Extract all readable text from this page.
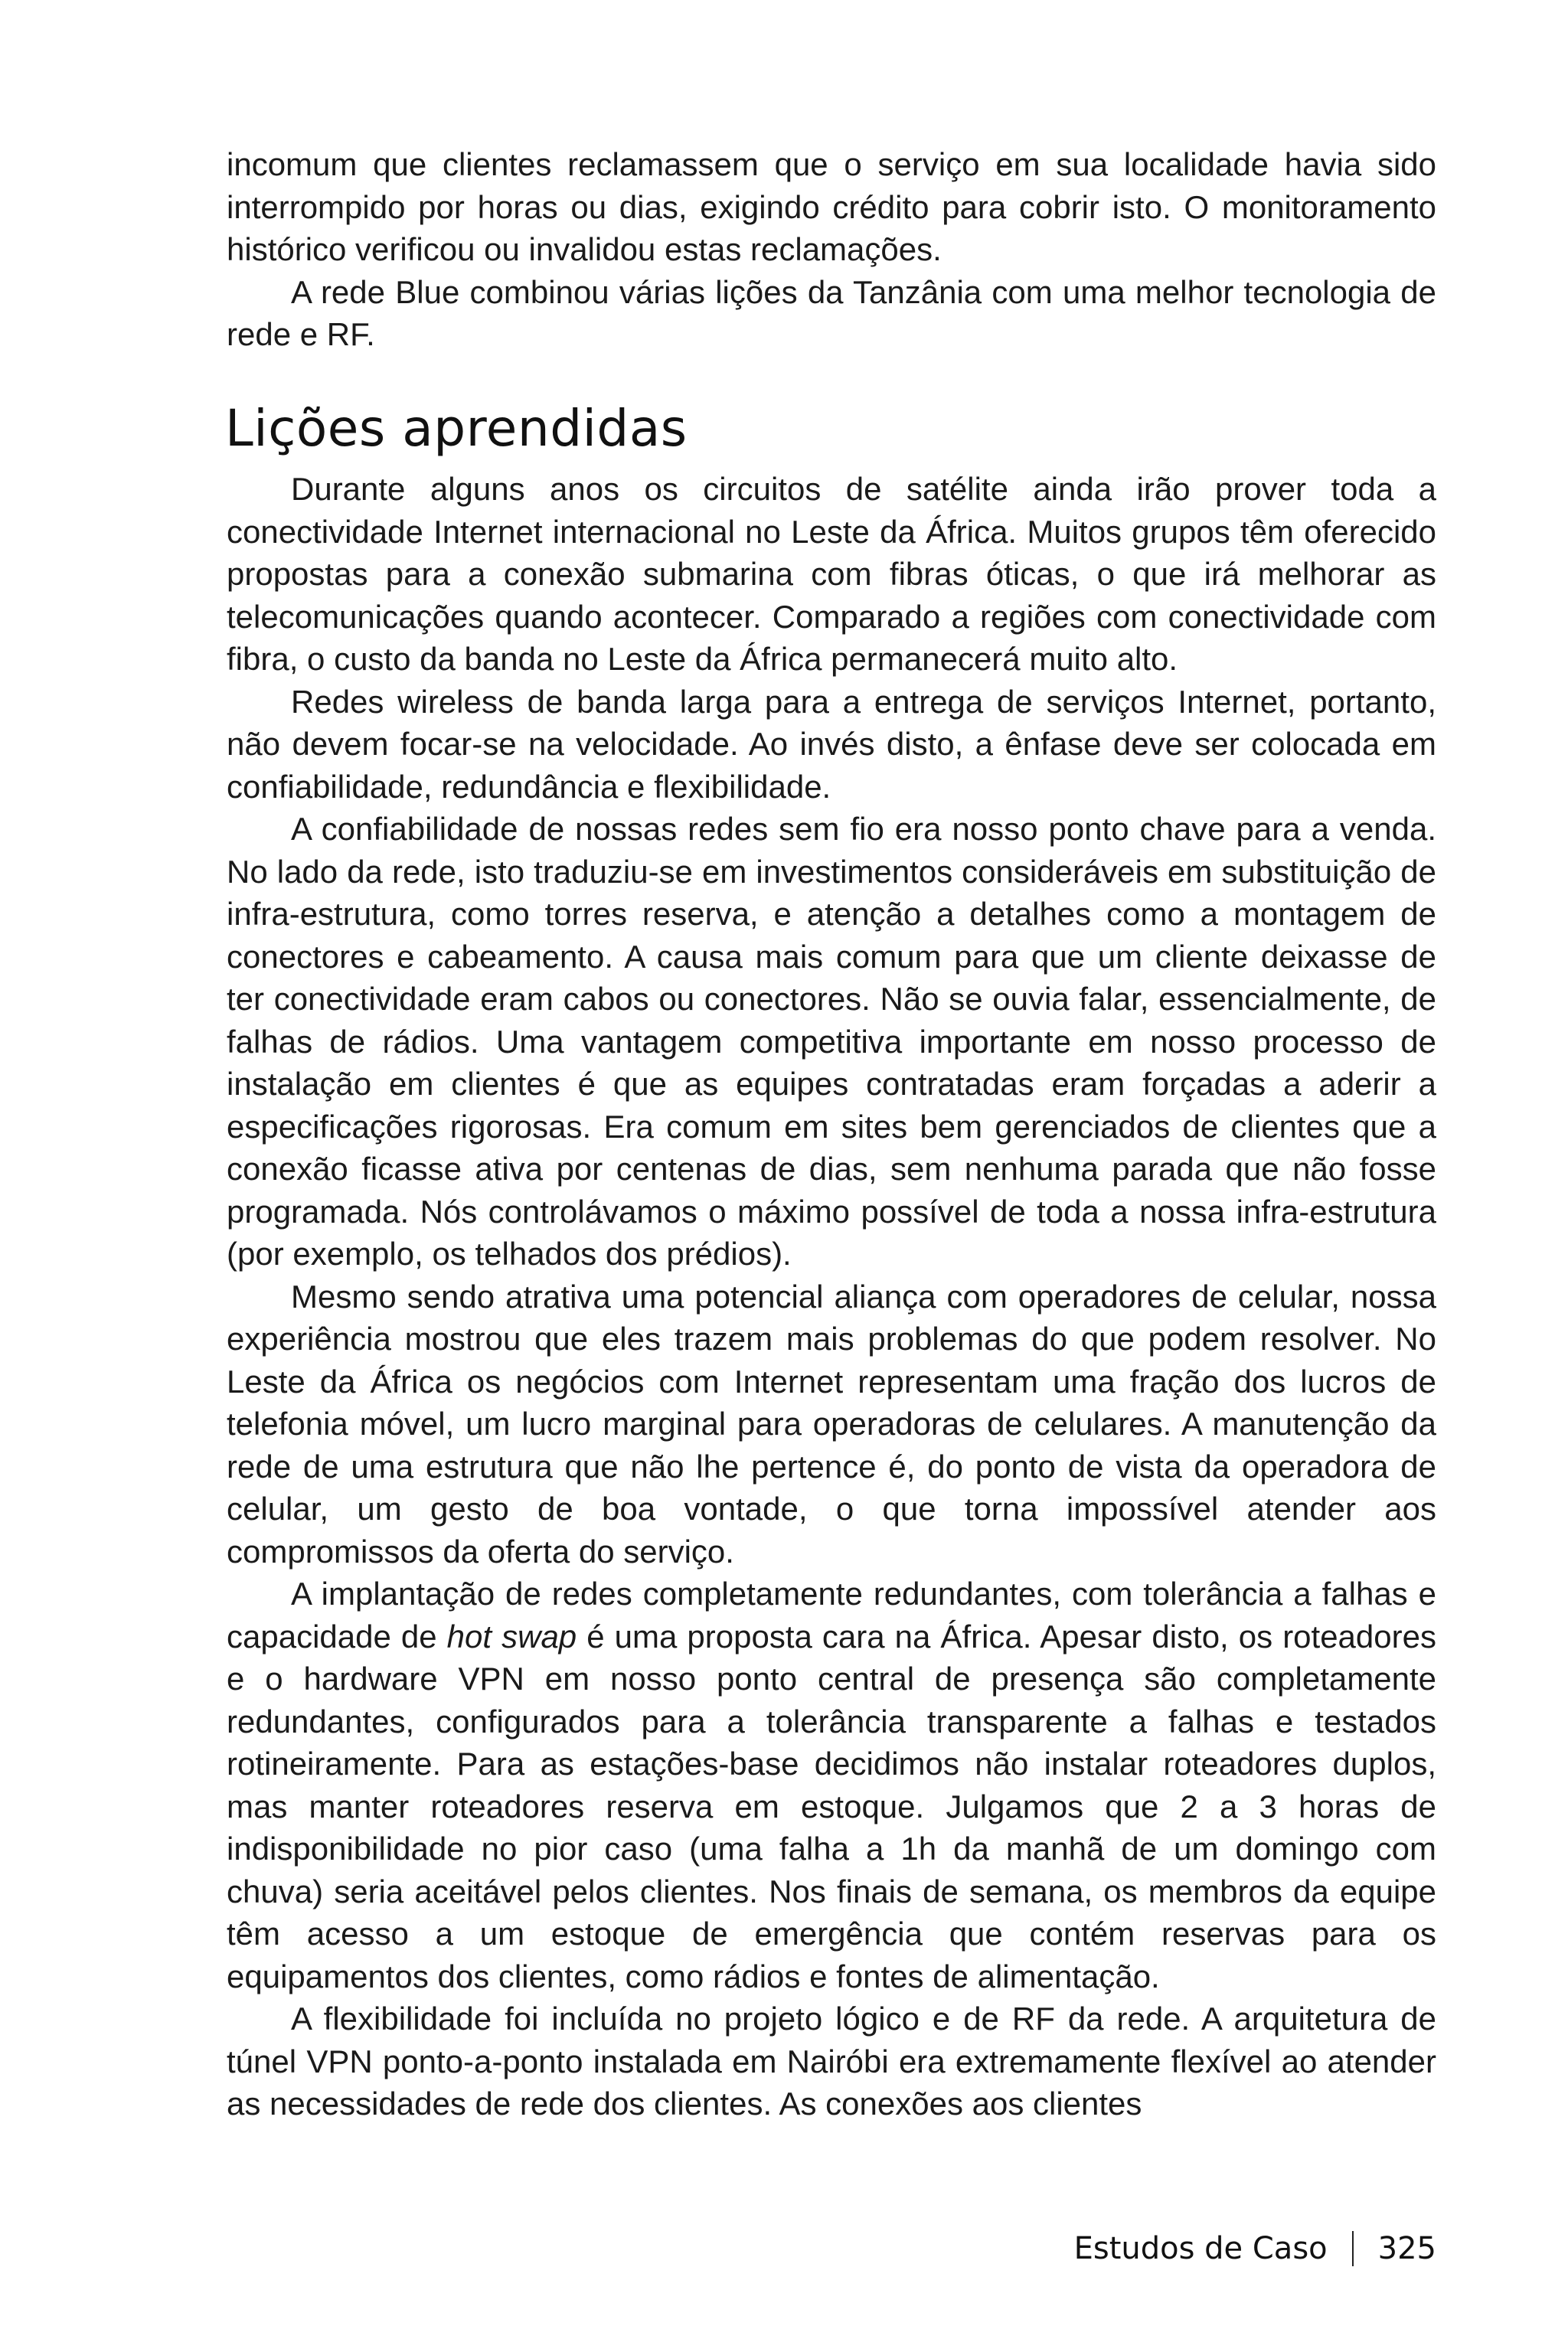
incomum que clientes reclamassem que o serviço em sua localidade havia sido interrompido por horas ou dias, exigindo crédito para cobrir isto. O monitoramento histórico verificou ou invalidou estas reclamações.

A rede Blue combinou várias lições da Tanzânia com uma melhor tecnologia de rede e RF.

Lições aprendidas

Durante alguns anos os circuitos de satélite ainda irão prover toda a conectividade Internet internacional no Leste da África. Muitos grupos têm oferecido propostas para a conexão submarina com fibras óticas, o que irá melhorar as telecomunicações quando acontecer. Comparado a regiões com conectividade com fibra, o custo da banda no Leste da África permanecerá muito alto.

Redes wireless de banda larga para a entrega de serviços Internet, portanto, não devem focar-se na velocidade. Ao invés disto, a ênfase deve ser colocada em confiabilidade, redundância e flexibilidade.

A confiabilidade de nossas redes sem fio era nosso ponto chave para a venda. No lado da rede, isto traduziu-se em investimentos consideráveis em substituição de infra-estrutura, como torres reserva, e atenção a detalhes como a montagem de conectores e cabeamento. A causa mais comum para que um cliente deixasse de ter conectividade eram cabos ou conectores. Não se ouvia falar, essencialmente, de falhas de rádios. Uma vantagem competitiva importante em nosso processo de instalação em clientes é que as equipes contratadas eram forçadas a aderir a especificações rigorosas. Era comum em sites bem gerenciados de clientes que a conexão ficasse ativa por centenas de dias, sem nenhuma parada que não fosse programada. Nós controlávamos o máximo possível de toda a nossa infra-estrutura (por exemplo, os telhados dos prédios).

Mesmo sendo atrativa uma potencial aliança com operadores de celular, nossa experiência mostrou que eles trazem mais problemas do que podem resolver. No Leste da África os negócios com Internet representam uma fração dos lucros de telefonia móvel, um lucro marginal para operadoras de celulares. A manutenção da rede de uma estrutura que não lhe pertence é, do ponto de vista da operadora de celular, um gesto de boa vontade, o que torna impossível atender aos compromissos da oferta do serviço.

A implantação de redes completamente redundantes, com tolerância a falhas e capacidade de hot swap é uma proposta cara na África. Apesar disto, os roteadores e o hardware VPN em nosso ponto central de presença são completamente redundantes, configurados para a tolerância transparente a falhas e testados rotineiramente. Para as estações-base decidimos não instalar roteadores duplos, mas manter roteadores reserva em estoque. Julgamos que 2 a 3 horas de indisponibilidade no pior caso (uma falha a 1h da manhã de um domingo com chuva) seria aceitável pelos clientes. Nos finais de semana, os membros da equipe têm acesso a um estoque de emergência que contém reservas para os equipamentos dos clientes, como rádios e fontes de alimentação.

A flexibilidade foi incluída no projeto lógico e de RF da rede. A arquitetura de túnel VPN ponto-a-ponto instalada em Nairóbi era extremamente flexível ao atender as necessidades de rede dos clientes. As conexões aos clientes

Estudos de Caso 325
